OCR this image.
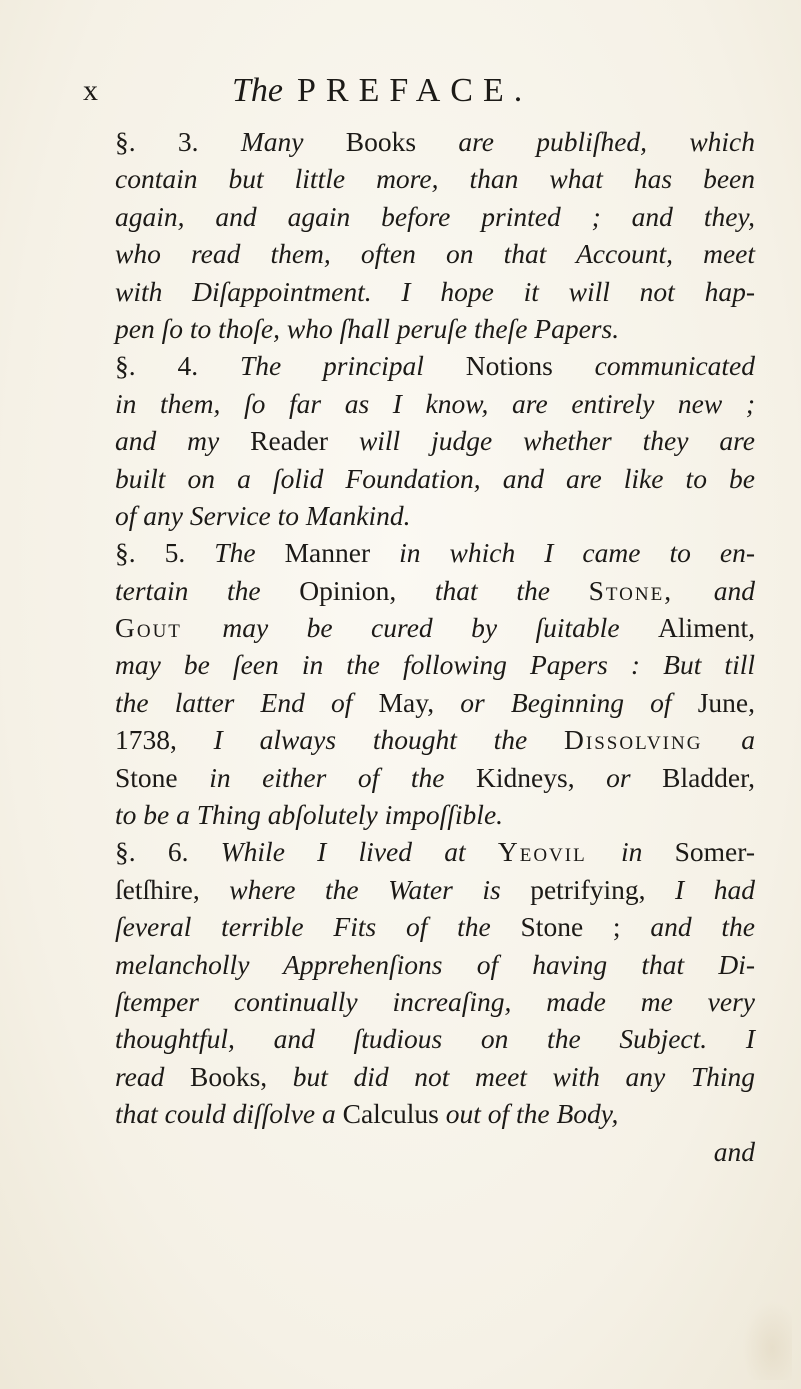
x	The PREFACE.
§. 3. Many Books are publiſhed, which
contain but little more, than what has been
again, and again before printed ; and they,
who read them, often on that Account, meet
with Diſappointment. I hope it will not hap-
pen ſo to thoſe, who ſhall peruſe theſe Papers.
§. 4. The principal Notions communicated
in them, ſo far as I know, are entirely new ;
and my Reader will judge whether they are
built on a ſolid Foundation, and are like to be
of any Service to Mankind.
§. 5. The Manner in which I came to en-
tertain the Opinion, that the Stone, and
Gout may be cured by ſuitable Aliment,
may be ſeen in the following Papers : But till
the latter End of May, or Beginning of June,
1738, I always thought the Dissolving a
Stone in either of the Kidneys, or Bladder,
to be a Thing abſolutely impoſſible.
§. 6. While I lived at Yeovil in Somer-
ſetſhire, where the Water is petrifying, I had
ſeveral terrible Fits of the Stone ; and the
melancholly Apprehenſions of having that Di-
ſtemper continually increaſing, made me very
thoughtful, and ſtudious on the Subject. I
read Books, but did not meet with any Thing
that could diſſolve a Calculus out of the Body,
and
